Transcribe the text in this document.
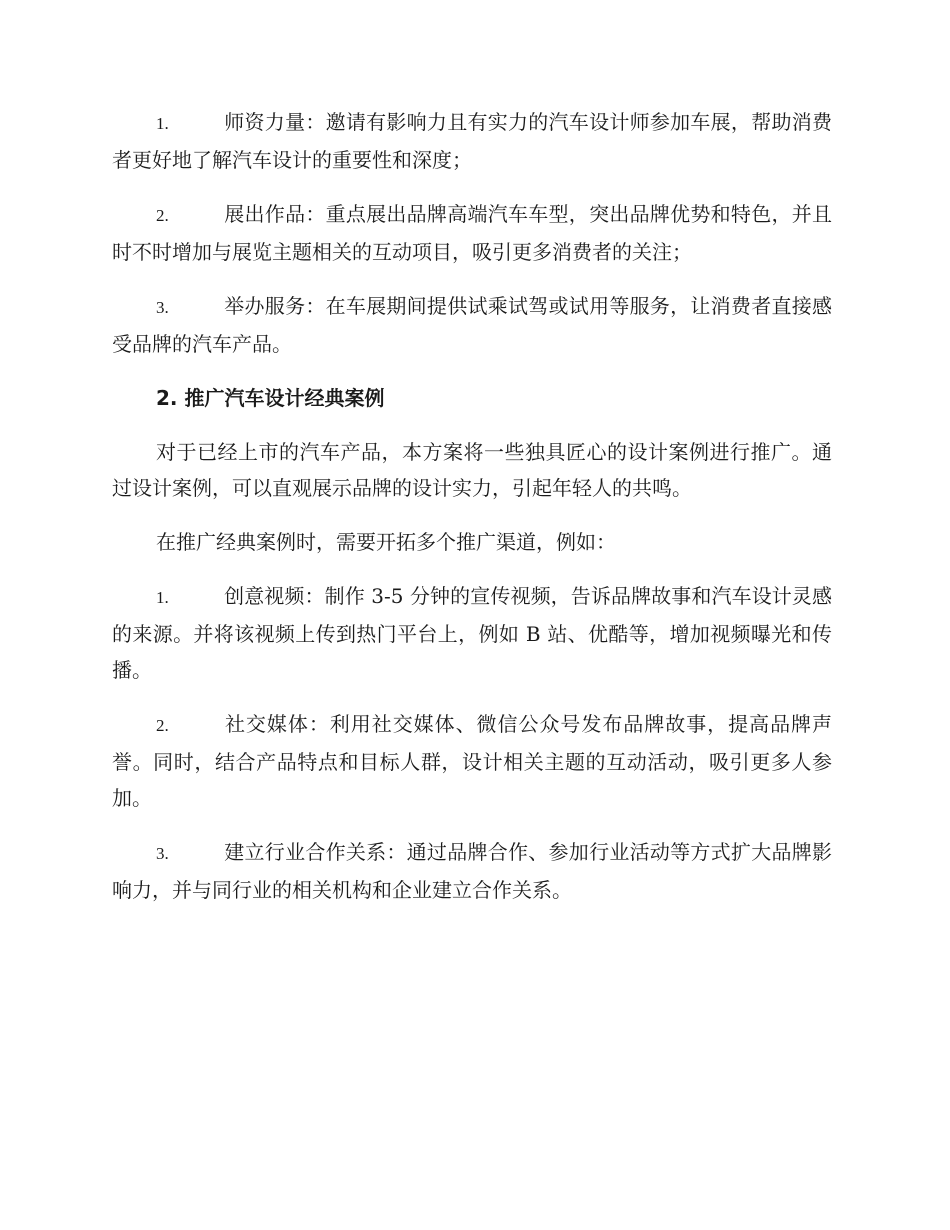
1.	师资力量：邀请有影响力且有实力的汽车设计师参加车展，帮助消费者更好地了解汽车设计的重要性和深度；

2.	展出作品：重点展出品牌高端汽车车型，突出品牌优势和特色，并且时不时增加与展览主题相关的互动项目，吸引更多消费者的关注；

3.	举办服务：在车展期间提供试乘试驾或试用等服务，让消费者直接感受品牌的汽车产品。

2. 推广汽车设计经典案例

对于已经上市的汽车产品，本方案将一些独具匠心的设计案例进行推广。通过设计案例，可以直观展示品牌的设计实力，引起年轻人的共鸣。

在推广经典案例时，需要开拓多个推广渠道，例如：

1.	创意视频：制作 3-5 分钟的宣传视频，告诉品牌故事和汽车设计灵感的来源。并将该视频上传到热门平台上，例如 B 站、优酷等，增加视频曝光和传播。

2.	社交媒体：利用社交媒体、微信公众号发布品牌故事，提高品牌声誉。同时，结合产品特点和目标人群，设计相关主题的互动活动，吸引更多人参加。

3.	建立行业合作关系：通过品牌合作、参加行业活动等方式扩大品牌影响力，并与同行业的相关机构和企业建立合作关系。
